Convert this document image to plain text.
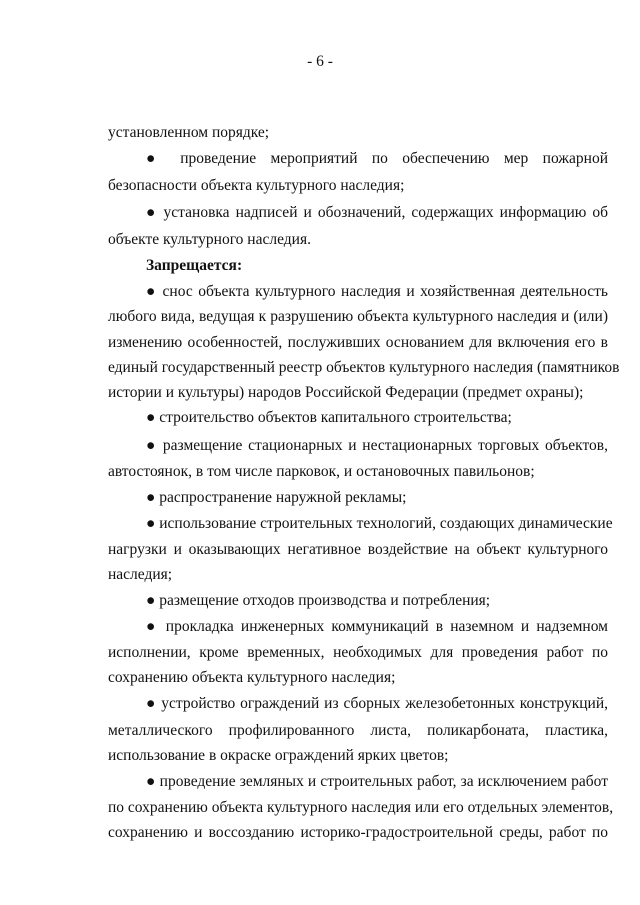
- 6 -
установленном порядке;
● проведение мероприятий по обеспечению мер пожарной
безопасности объекта культурного наследия;
● установка надписей и обозначений, содержащих информацию об
объекте культурного наследия.
Запрещается:
● снос объекта культурного наследия и хозяйственная деятельность
любого вида, ведущая к разрушению объекта культурного наследия и (или)
изменению особенностей, послуживших основанием для включения его в
единый государственный реестр объектов культурного наследия (памятников
истории и культуры) народов Российской Федерации (предмет охраны);
● строительство объектов капитального строительства;
● размещение стационарных и нестационарных торговых объектов,
автостоянок, в том числе парковок, и остановочных павильонов;
● распространение наружной рекламы;
● использование строительных технологий, создающих динамические
нагрузки и оказывающих негативное воздействие на объект культурного
наследия;
● размещение отходов производства и потребления;
● прокладка инженерных коммуникаций в наземном и надземном
исполнении, кроме временных, необходимых для проведения работ по
сохранению объекта культурного наследия;
● устройство ограждений из сборных железобетонных конструкций,
металлического профилированного листа, поликарбоната, пластика,
использование в окраске ограждений ярких цветов;
● проведение земляных и строительных работ, за исключением работ
по сохранению объекта культурного наследия или его отдельных элементов,
сохранению и воссозданию историко-градостроительной среды, работ по
